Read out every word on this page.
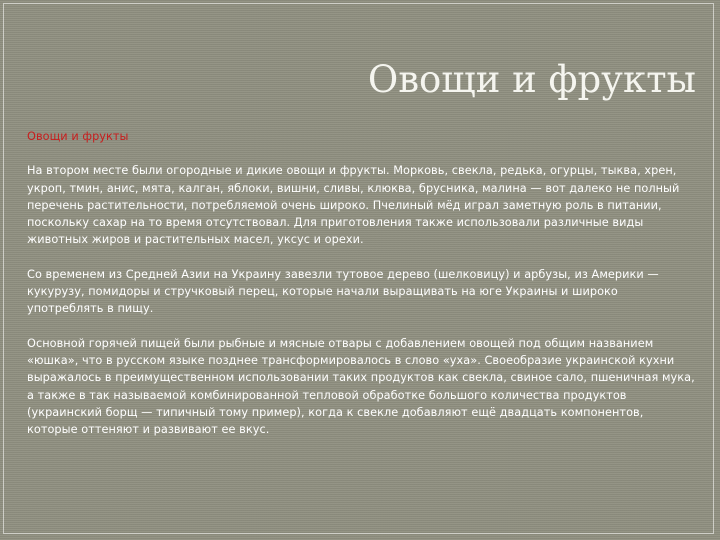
Овощи и фрукты
Овощи и фрукты
На втором месте были огородные и дикие овощи и фрукты. Морковь, свекла, редька, огурцы, тыква, хрен, укроп, тмин, анис, мята, калган, яблоки, вишни, сливы, клюква, брусника, малина — вот далеко не полный перечень растительности, потребляемой очень широко. Пчелиный мёд играл заметную роль в питании, поскольку сахар на то время отсутствовал. Для приготовления также использовали различные виды животных жиров и растительных масел, уксус и орехи.
Со временем из Средней Азии на Украину завезли тутовое дерево (шелковицу) и арбузы, из Америки — кукурузу, помидоры и стручковый перец, которые начали выращивать на юге Украины и широко употреблять в пищу.
Основной горячей пищей были рыбные и мясные отвары с добавлением овощей под общим названием «юшка», что в русском языке позднее трансформировалось в слово «уха». Своеобразие украинской кухни выражалось в преимущественном использовании таких продуктов как свекла, свиное сало, пшеничная мука, а также в так называемой комбинированной тепловой обработке большого количества продуктов (украинский борщ — типичный тому пример), когда к свекле добавляют ещё двадцать компонентов, которые оттеняют и развивают ее вкус.
